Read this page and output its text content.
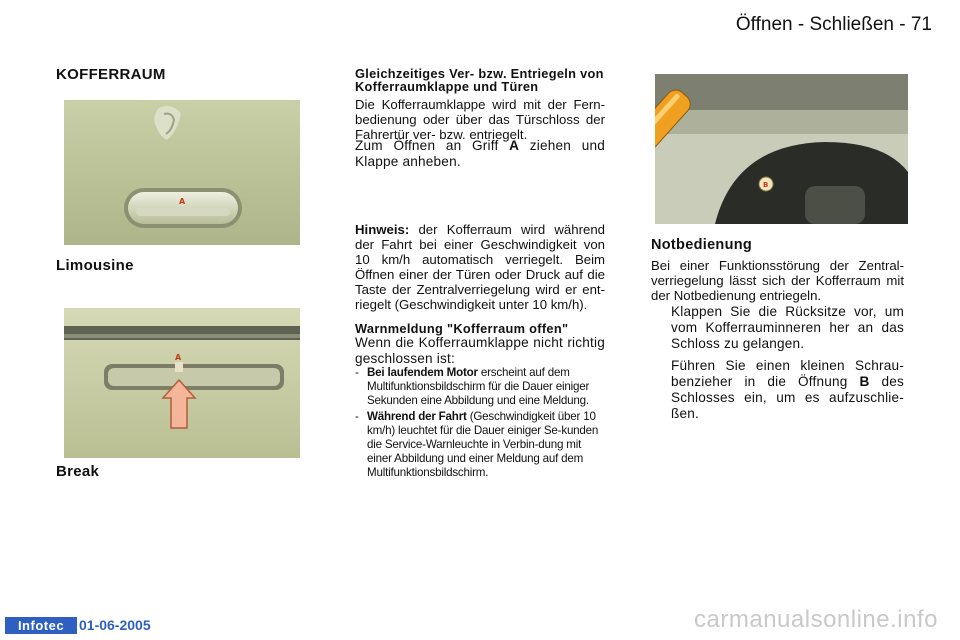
Öffnen - Schließen - 71
KOFFERRAUM
A
Limousine
A
Break
Gleichzeitiges Ver- bzw. Entriegeln von Kofferraumklappe und Türen
Die Kofferraumklappe wird mit der Fern-bedienung oder über das Türschloss der Fahrertür ver- bzw. entriegelt.
Zum Öffnen an Griff A ziehen und Klappe anheben.
Hinweis: der Kofferraum wird während der Fahrt bei einer Geschwindigkeit von 10 km/h automatisch verriegelt. Beim Öffnen einer der Türen oder Druck auf die Taste der Zentralverriegelung wird er ent-riegelt (Geschwindigkeit unter 10 km/h).
Warnmeldung "Kofferraum offen"
Wenn die Kofferraumklappe nicht richtig geschlossen ist:
- Bei laufendem Motor erscheint auf dem Multifunktionsbildschirm für die Dauer einiger Sekunden eine Abbildung und eine Meldung.
- Während der Fahrt (Geschwindigkeit über 10 km/h) leuchtet für die Dauer einiger Se-kunden die Service-Warnleuchte in Verbin-dung mit einer Abbildung und einer Meldung auf dem Multifunktionsbildschirm.
B
Notbedienung
Bei einer Funktionsstörung der Zentral-verriegelung lässt sich der Kofferraum mit der Notbedienung entriegeln.
Klappen Sie die Rücksitze vor, um vom Kofferrauminneren her an das Schloss zu gelangen.
Führen Sie einen kleinen Schrau-benzieher in die Öffnung B des Schlosses ein, um es aufzuschlie-ßen.
Infotec	01-06-2005	carmanualsonline.info
